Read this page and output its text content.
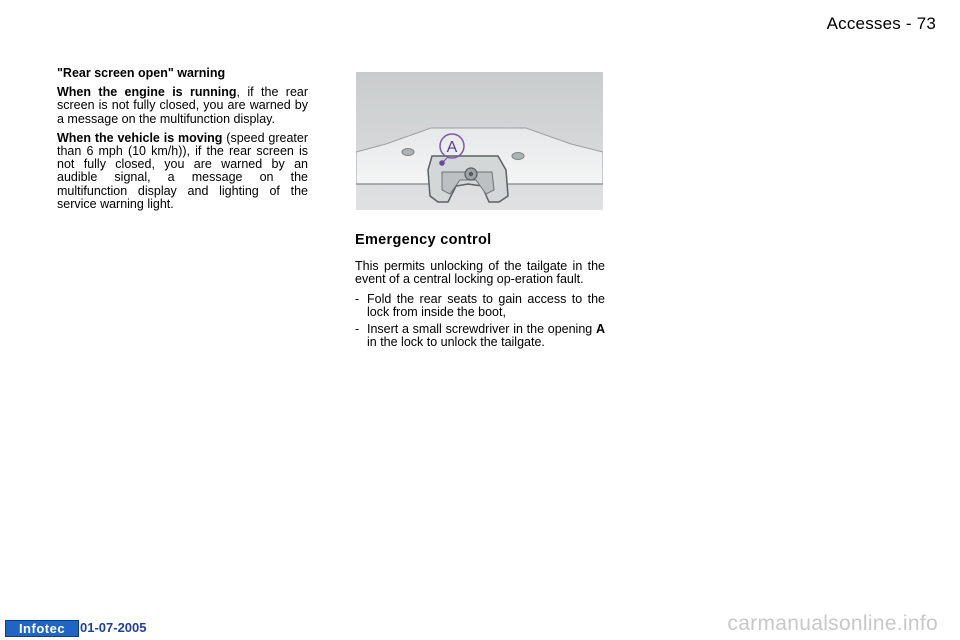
Accesses - 73

"Rear screen open" warning

When the engine is running, if the rear screen is not fully closed, you are warned by a message on the multifunction display.

When the vehicle is moving (speed greater than 6 mph (10 km/h)), if the rear screen is not fully closed, you are warned by an audible signal, a message on the multifunction display and lighting of the service warning light.

A
Emergency control

This permits unlocking of the tailgate in the event of a central locking op-eration fault.

- Fold the rear seats to gain access to the lock from inside the boot,
- Insert a small screwdriver in the opening A in the lock to unlock the tailgate.
Infotec	01-07-2005	carmanualsonline.info
